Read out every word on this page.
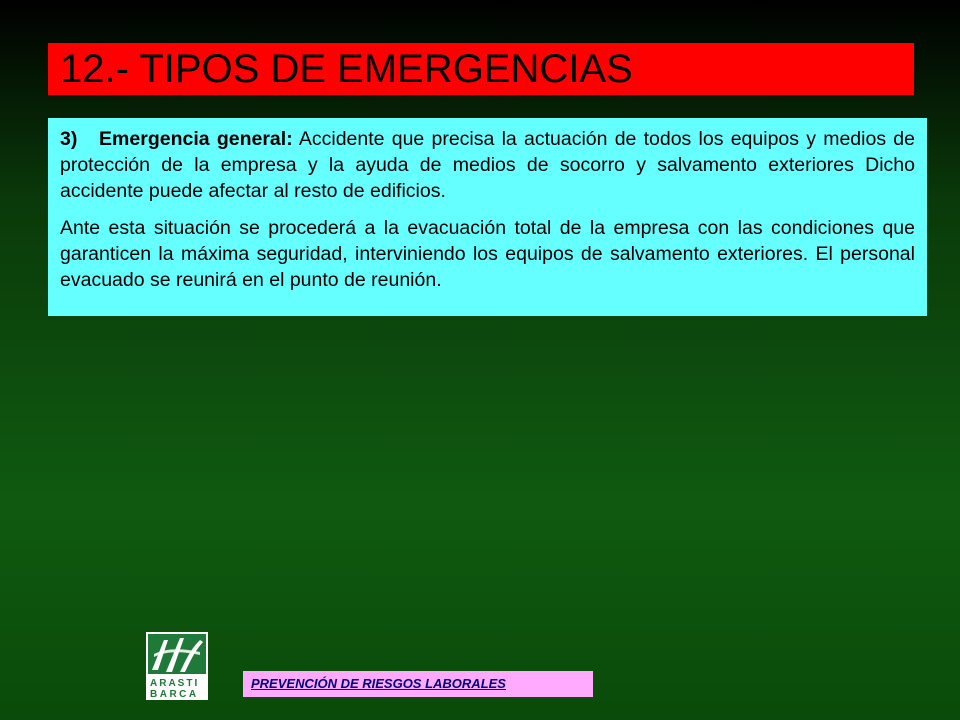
12.- TIPOS DE EMERGENCIAS

3) Emergencia general: Accidente que precisa la actuación de todos los equipos y medios de protección de la empresa y la ayuda de medios de socorro y salvamento exteriores Dicho accidente puede afectar al resto de edificios.

Ante esta situación se procederá a la evacuación total de la empresa con las condiciones que garanticen la máxima seguridad, interviniendo los equipos de salvamento exteriores. El personal evacuado se reunirá en el punto de reunión.

ARASTI
BARCA
PREVENCIÓN DE RIESGOS LABORALES
